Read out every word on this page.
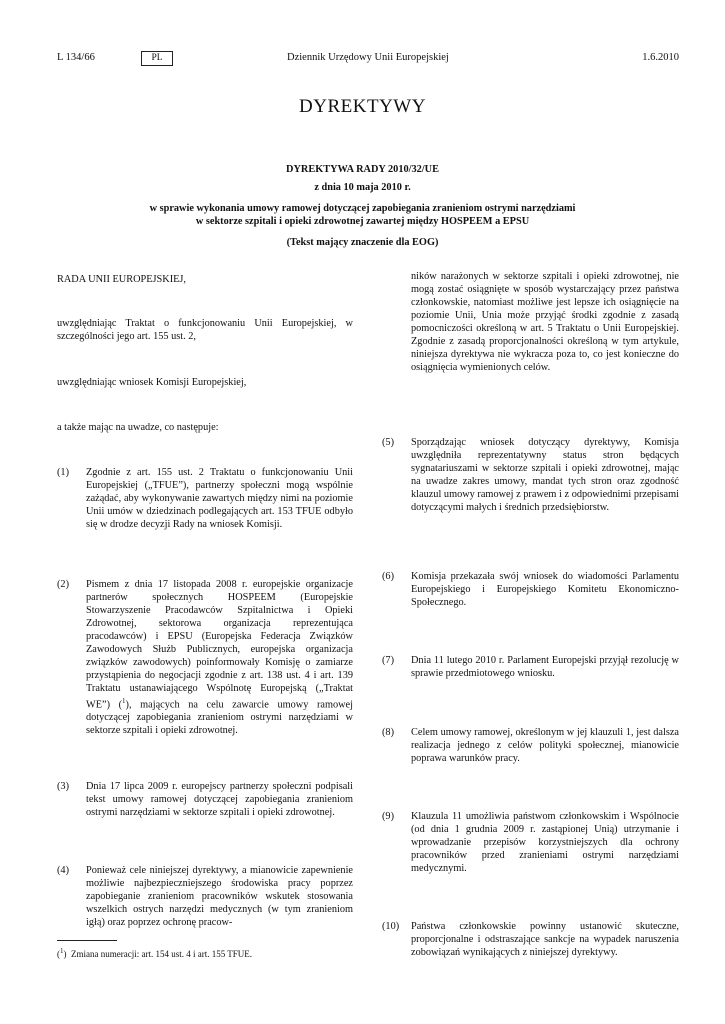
L 134/66	PL	Dziennik Urzędowy Unii Europejskiej	1.6.2010
DYREKTYWY
DYREKTYWA RADY 2010/32/UE
z dnia 10 maja 2010 r.
w sprawie wykonania umowy ramowej dotyczącej zapobiegania zranieniom ostrymi narzędziami
w sektorze szpitali i opieki zdrowotnej zawartej między HOSPEEM a EPSU
(Tekst mający znaczenie dla EOG)
RADA UNII EUROPEJSKIEJ,
uwzględniając Traktat o funkcjonowaniu Unii Europejskiej, w szczególności jego art. 155 ust. 2,
uwzględniając wniosek Komisji Europejskiej,
a także mając na uwadze, co następuje:
(1)	Zgodnie z art. 155 ust. 2 Traktatu o funkcjonowaniu Unii Europejskiej („TFUE”), partnerzy społeczni mogą wspólnie zażądać, aby wykonywanie zawartych między nimi na poziomie Unii umów w dziedzinach podlegających art. 153 TFUE odbyło się w drodze decyzji Rady na wniosek Komisji.
(2)	Pismem z dnia 17 listopada 2008 r. europejskie organizacje partnerów społecznych HOSPEEM (Europejskie Stowarzyszenie Pracodawców Szpitalnictwa i Opieki Zdrowotnej, sektorowa organizacja reprezentująca pracodawców) i EPSU (Europejska Federacja Związków Zawodowych Służb Publicznych, europejska organizacja związków zawodowych) poinformowały Komisję o zamiarze przystąpienia do negocjacji zgodnie z art. 138 ust. 4 i art. 139 Traktatu ustanawiającego Wspólnotę Europejską („Traktat WE”) ($^1$), mających na celu zawarcie umowy ramowej dotyczącej zapobiegania zranieniom ostrymi narzędziami w sektorze szpitali i opieki zdrowotnej.
(3)	Dnia 17 lipca 2009 r. europejscy partnerzy społeczni podpisali tekst umowy ramowej dotyczącej zapobiegania zranieniom ostrymi narzędziami w sektorze szpitali i opieki zdrowotnej.
(4)	Ponieważ cele niniejszej dyrektywy, a mianowicie zapewnienie możliwie najbezpieczniejszego środowiska pracy poprzez zapobieganie zranieniom pracowników wskutek stosowania wszelkich ostrych narzędzi medycznych (w tym zranieniom igłą) oraz poprzez ochronę pracow-
($^1$)  Zmiana numeracji: art. 154 ust. 4 i art. 155 TFUE.
ników narażonych w sektorze szpitali i opieki zdrowotnej, nie mogą zostać osiągnięte w sposób wystarczający przez państwa członkowskie, natomiast możliwe jest lepsze ich osiągnięcie na poziomie Unii, Unia może przyjąć środki zgodnie z zasadą pomocniczości określoną w art. 5 Traktatu o Unii Europejskiej. Zgodnie z zasadą proporcjonalności określoną w tym artykule, niniejsza dyrektywa nie wykracza poza to, co jest konieczne do osiągnięcia wymienionych celów.
(5)	Sporządzając wniosek dotyczący dyrektywy, Komisja uwzględniła reprezentatywny status stron będących sygnatariuszami w sektorze szpitali i opieki zdrowotnej, mając na uwadze zakres umowy, mandat tych stron oraz zgodność klauzul umowy ramowej z prawem i z odpowiednimi przepisami dotyczącymi małych i średnich przedsiębiorstw.
(6)	Komisja przekazała swój wniosek do wiadomości Parlamentu Europejskiego i Europejskiego Komitetu Ekonomiczno-Społecznego.
(7)	Dnia 11 lutego 2010 r. Parlament Europejski przyjął rezolucję w sprawie przedmiotowego wniosku.
(8)	Celem umowy ramowej, określonym w jej klauzuli 1, jest dalsza realizacja jednego z celów polityki społecznej, mianowicie poprawa warunków pracy.
(9)	Klauzula 11 umożliwia państwom członkowskim i Wspólnocie (od dnia 1 grudnia 2009 r. zastąpionej Unią) utrzymanie i wprowadzanie przepisów korzystniejszych dla ochrony pracowników przed zranieniami ostrymi narzędziami medycznymi.
(10)	Państwa członkowskie powinny ustanowić skuteczne, proporcjonalne i odstraszające sankcje na wypadek naruszenia zobowiązań wynikających z niniejszej dyrektywy.
